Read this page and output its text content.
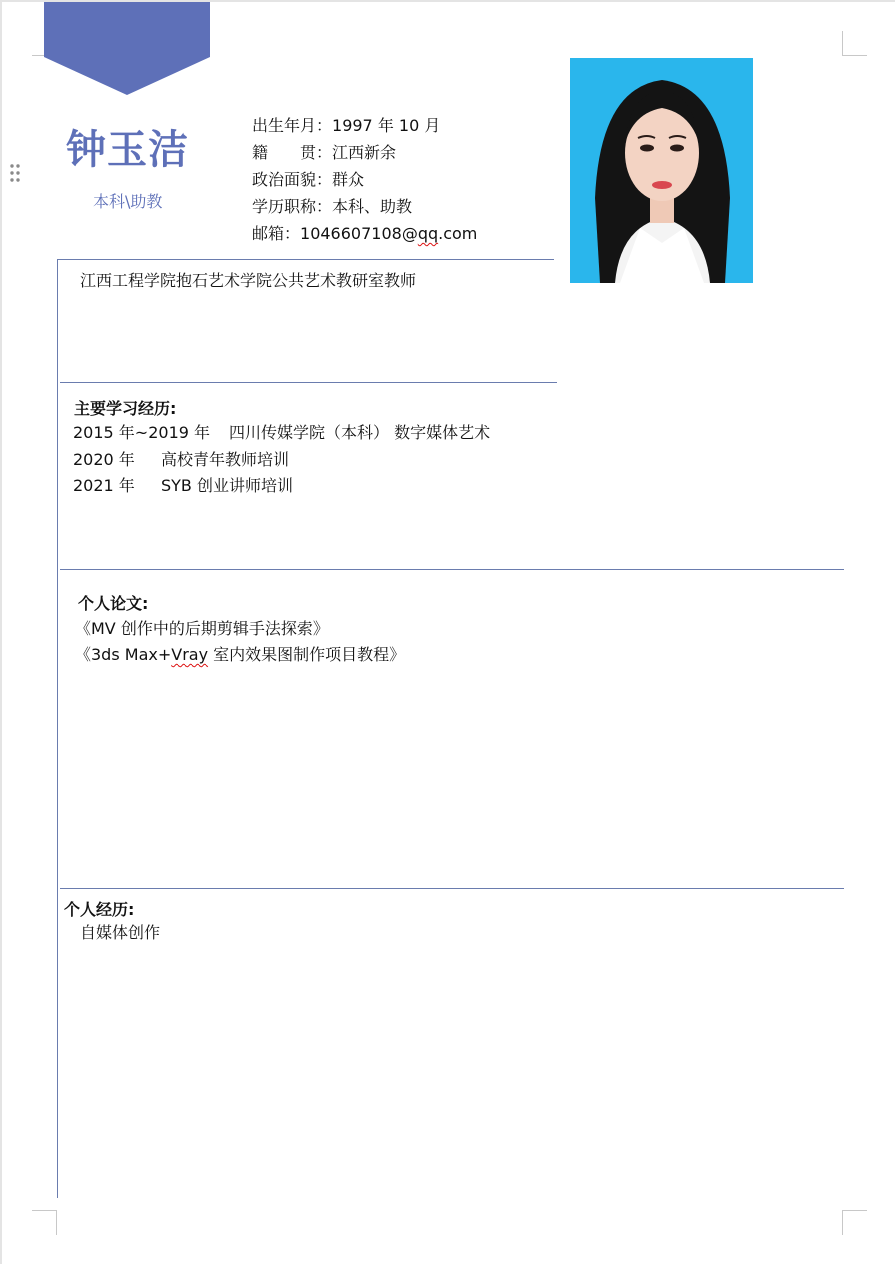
钟玉洁
本科\助教
出生年月：1997 年 10 月
籍　　贯：江西新余
政治面貌：群众
学历职称：本科、助教
邮箱：1046607108@qq.com
江西工程学院抱石艺术学院公共艺术教研室教师
主要学习经历:
2015 年~2019 年 四川传媒学院（本科） 数字媒体艺术
2020 年 高校青年教师培训
2021 年 SYB 创业讲师培训
个人论文:
《MV 创作中的后期剪辑手法探索》
《3ds Max+Vray 室内效果图制作项目教程》
个人经历:
自媒体创作
